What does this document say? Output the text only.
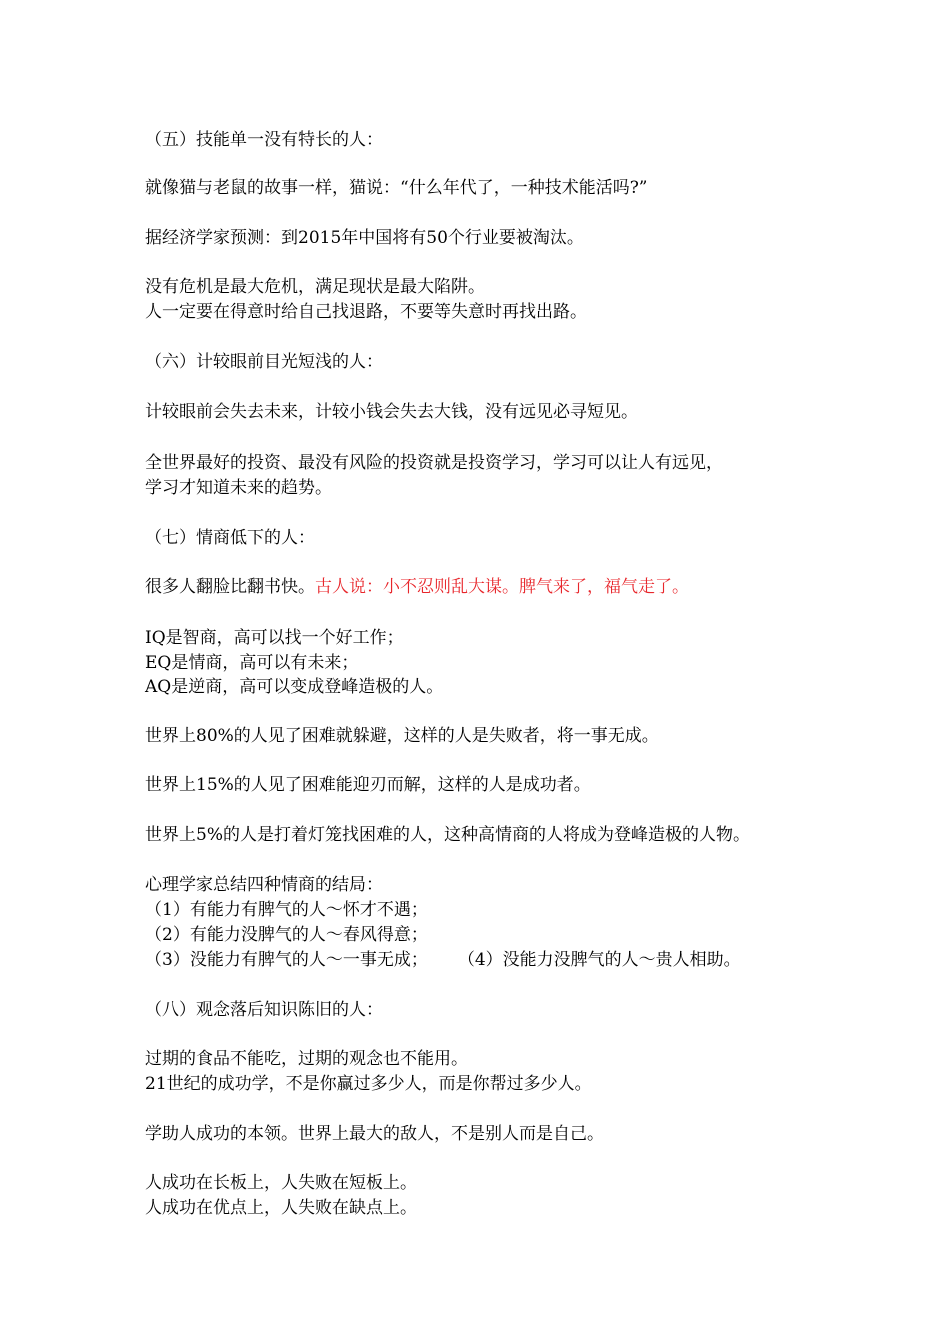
（五）技能单一没有特长的人：
就像猫与老鼠的故事一样，猫说：“什么年代了，一种技术能活吗?”
据经济学家预测：到2015年中国将有50个行业要被淘汰。
没有危机是最大危机，满足现状是最大陷阱。
人一定要在得意时给自己找退路，不要等失意时再找出路。
（六）计较眼前目光短浅的人：
计较眼前会失去未来，计较小钱会失去大钱，没有远见必寻短见。
全世界最好的投资、最没有风险的投资就是投资学习，学习可以让人有远见，
学习才知道未来的趋势。
（七）情商低下的人：
很多人翻脸比翻书快。古人说：小不忍则乱大谋。脾气来了，福气走了。
IQ是智商，高可以找一个好工作；
EQ是情商，高可以有未来；
AQ是逆商，高可以变成登峰造极的人。
世界上80%的人见了困难就躲避，这样的人是失败者，将一事无成。
世界上15%的人见了困难能迎刃而解，这样的人是成功者。
世界上5%的人是打着灯笼找困难的人，这种高情商的人将成为登峰造极的人物。
心理学家总结四种情商的结局：
（1）有能力有脾气的人～怀才不遇；
（2）有能力没脾气的人～春风得意；
（3）没能力有脾气的人～一事无成； （4）没能力没脾气的人～贵人相助。
（八）观念落后知识陈旧的人：
过期的食品不能吃，过期的观念也不能用。
21世纪的成功学，不是你赢过多少人，而是你帮过多少人。
学助人成功的本领。世界上最大的敌人，不是别人而是自己。
人成功在长板上，人失败在短板上。
人成功在优点上，人失败在缺点上。
